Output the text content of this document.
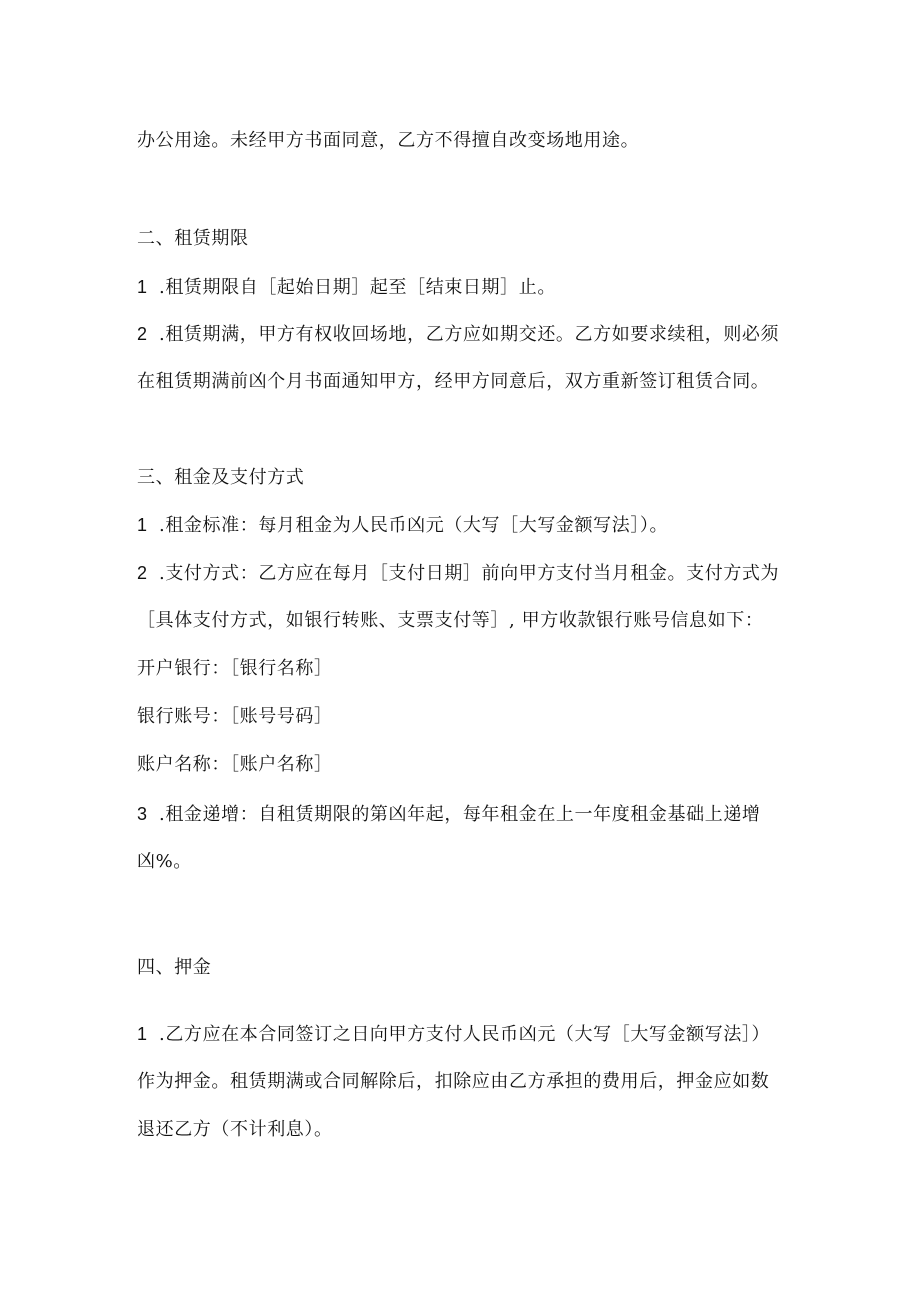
办公用途。未经甲方书面同意，乙方不得擅自改变场地用途。

二、租赁期限

1 .租赁期限自［起始日期］起至［结束日期］止。

2 .租赁期满，甲方有权收回场地，乙方应如期交还。乙方如要求续租，则必须

在租赁期满前凶个月书面通知甲方，经甲方同意后，双方重新签订租赁合同。

三、租金及支付方式

1 .租金标准：每月租金为人民币凶元（大写［大写金额写法］）。

2 .支付方式：乙方应在每月［支付日期］前向甲方支付当月租金。支付方式为

［具体支付方式，如银行转账、支票支付等］, 甲方收款银行账号信息如下：

开户银行：［银行名称］

银行账号：［账号号码］

账户名称：［账户名称］

3 .租金递增：自租赁期限的第凶年起，每年租金在上一年度租金基础上递增

凶%。

四、押金

1 .乙方应在本合同签订之日向甲方支付人民币凶元（大写［大写金额写法］）

作为押金。租赁期满或合同解除后，扣除应由乙方承担的费用后，押金应如数

退还乙方（不计利息）。
